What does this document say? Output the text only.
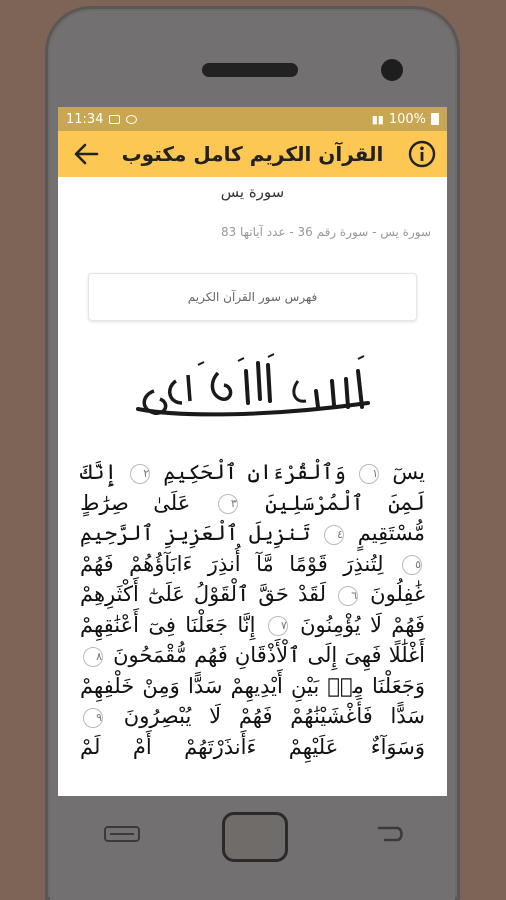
11:34	▮▮ 100%
القرآن الكريم كامل مكتوب
سورة يس
سورة يس - سورة رقم 36 - عدد آياتها 83
فهرس سور القرآن الكريم
يسٓ ١ وَٱلْقُرْءَانِ ٱلْحَكِيمِ ٢ إِنَّكَ لَمِنَ ٱلْمُرْسَلِينَ ٣ عَلَىٰ صِرَٰطٍ مُّسْتَقِيمٍ ٤ تَنزِيلَ ٱلْعَزِيزِ ٱلرَّحِيمِ ٥ لِتُنذِرَ قَوْمًا مَّآ أُنذِرَ ءَابَآؤُهُمْ فَهُمْ غَٰفِلُونَ ٦ لَقَدْ حَقَّ ٱلْقَوْلُ عَلَىٰٓ أَكْثَرِهِمْ فَهُمْ لَا يُؤْمِنُونَ ٧ إِنَّا جَعَلْنَا فِىٓ أَعْنَٰقِهِمْ أَغْلَٰلًا فَهِىَ إِلَى ٱلْأَذْقَانِ فَهُم مُّقْمَحُونَ ٨ وَجَعَلْنَا مِنۢ بَيْنِ أَيْدِيهِمْ سَدًّا وَمِنْ خَلْفِهِمْ سَدًّا فَأَغْشَيْنَٰهُمْ فَهُمْ لَا يُبْصِرُونَ ٩ وَسَوَآءٌ عَلَيْهِمْ ءَأَنذَرْتَهُمْ أَمْ لَمْ
